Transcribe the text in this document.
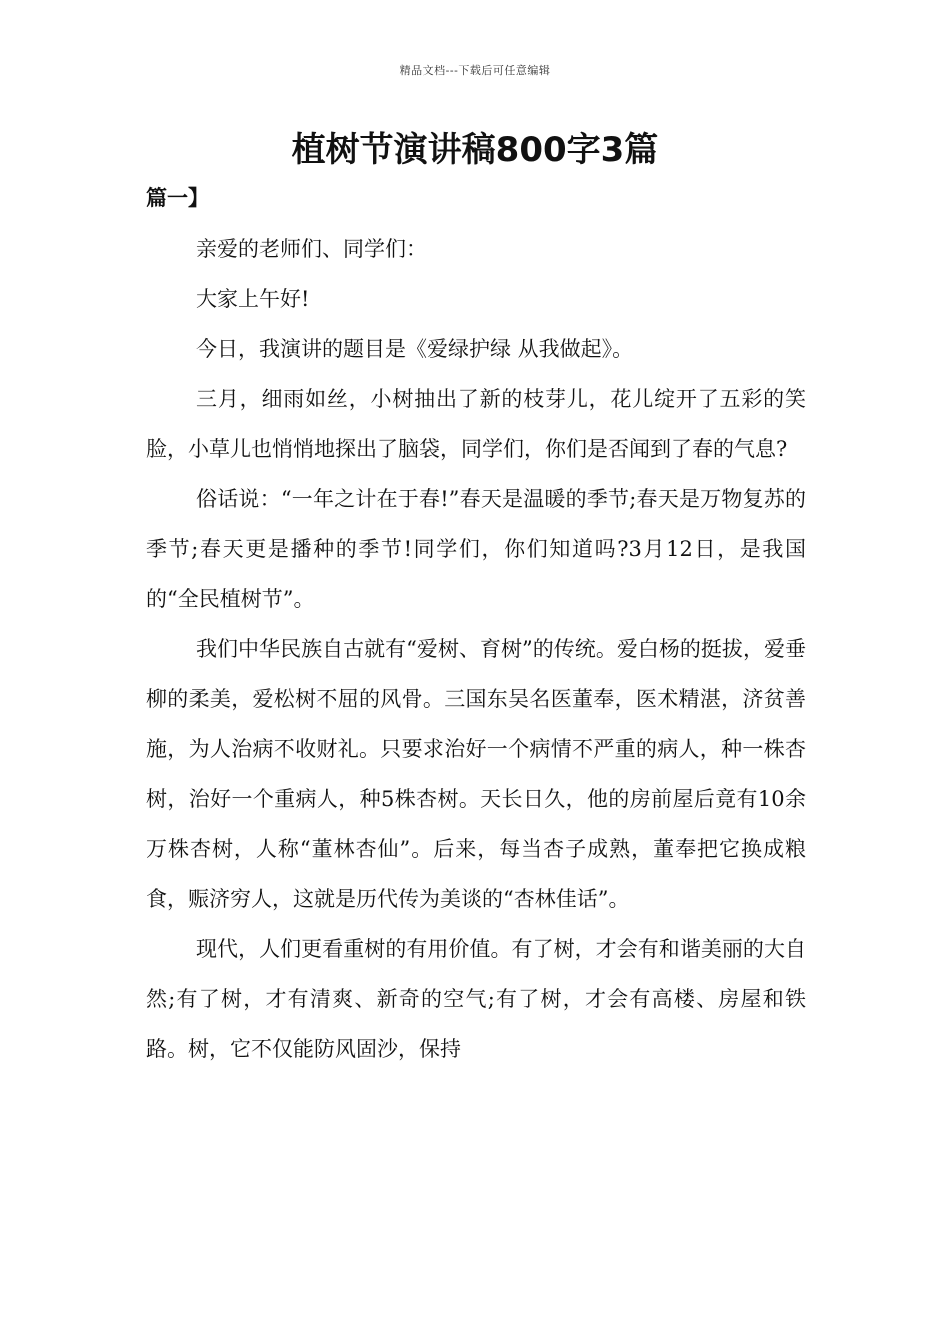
精品文档---下载后可任意编辑
植树节演讲稿800字3篇
篇一】

亲爱的老师们、同学们：

大家上午好!

今日，我演讲的题目是《爱绿护绿 从我做起》。

三月，细雨如丝，小树抽出了新的枝芽儿，花儿绽开了五彩的笑脸，小草儿也悄悄地探出了脑袋，同学们，你们是否闻到了春的气息?

俗话说：“一年之计在于春!”春天是温暖的季节;春天是万物复苏的季节;春天更是播种的季节!同学们，你们知道吗?3月12日，是我国的“全民植树节”。

我们中华民族自古就有“爱树、育树”的传统。爱白杨的挺拔，爱垂柳的柔美，爱松树不屈的风骨。三国东吴名医董奉，医术精湛，济贫善施，为人治病不收财礼。只要求治好一个病情不严重的病人，种一株杏树，治好一个重病人，种5株杏树。天长日久，他的房前屋后竟有10余万株杏树，人称“董林杏仙”。后来，每当杏子成熟，董奉把它换成粮食，赈济穷人，这就是历代传为美谈的“杏林佳话”。

现代，人们更看重树的有用价值。有了树，才会有和谐美丽的大自然;有了树，才有清爽、新奇的空气;有了树，才会有高楼、房屋和铁路。树，它不仅能防风固沙，保持
